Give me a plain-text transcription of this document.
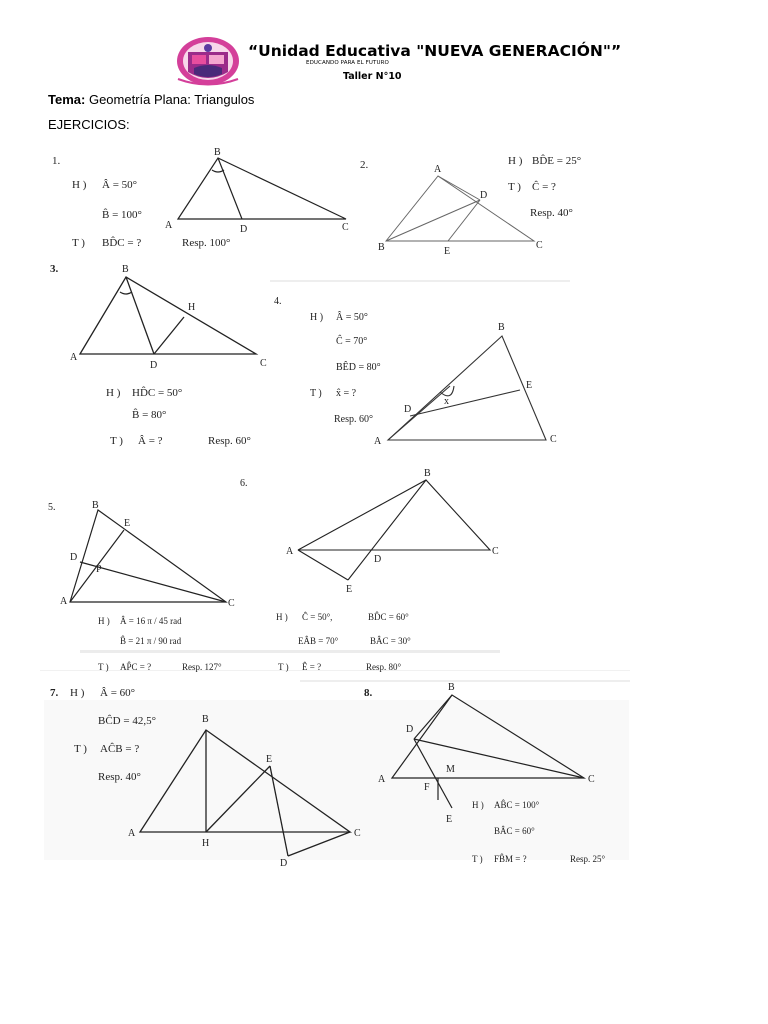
“Unidad Educativa "NUEVA GENERACIÓN"”
EDUCANDO PARA EL FUTURO
Taller N°10
Tema: Geometría Plana: Triangulos
EJERCICIOS:
1.
H ) Â = 50°
B̂ = 100°
T ) BD̂C = ?	Resp. 100°
B
A	D	C
2.	H ) BD̂E = 25°
T ) Ĉ = ?
Resp. 40°
A
D
B	E
C
3.	B
H
A
D	C
H ) HD̂C = 50°
B̂ = 80°
T ) Â = ?	Resp. 60°
4.
H ) Â = 50°
Ĉ = 70°
BÊD = 80°
T ) x̂ = ?
Resp. 60°
B
E
D
x
A	C
5.	B
E
D
P
A	C
H ) Â = 16 π / 45 rad
B̂ = 21 π / 90 rad
T ) AP̂C = ?	Resp. 127°
6.
B
A
D
C
E
H ) Ĉ = 50°,	BD̂C = 60°
EÂB = 70°	BÂC = 30°
T ) Ê = ?	Resp. 80°
7. H ) Â = 60°
BĈD = 42,5°
T ) AĈB = ?
Resp. 40°
B
E
A
H
C
D
8.	B
D
A
M
F
E
C
H ) AB̂C = 100°
BÂC = 60°
T ) FB̂M = ?	Resp. 25°
